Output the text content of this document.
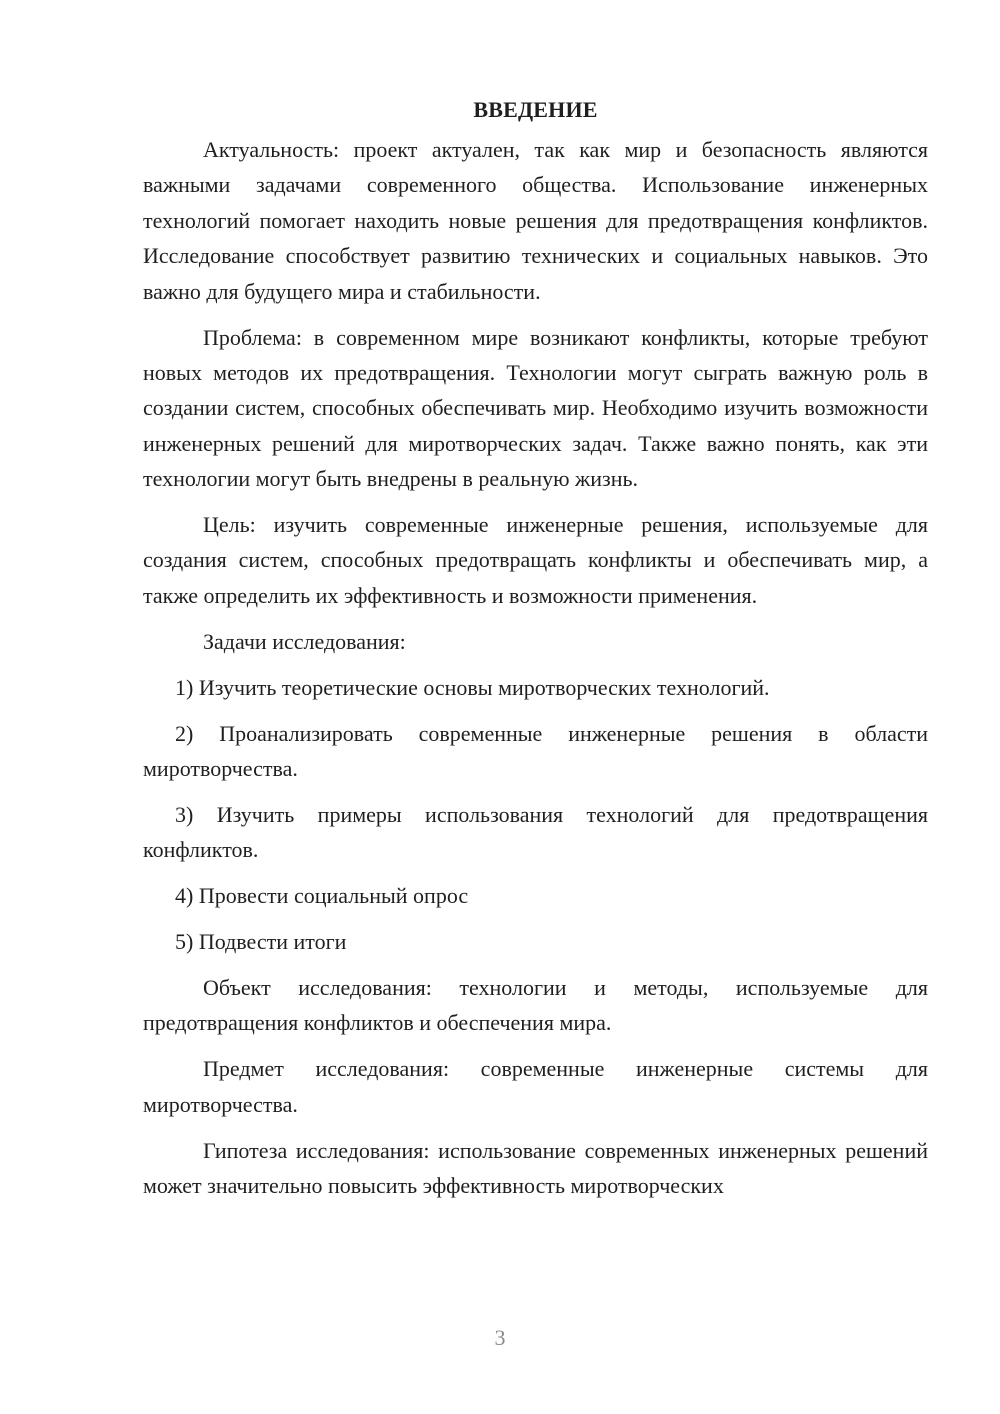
ВВЕДЕНИЕ

Актуальность: проект актуален, так как мир и безопасность являются важными задачами современного общества. Использование инженерных технологий помогает находить новые решения для предотвращения конфликтов. Исследование способствует развитию технических и социальных навыков. Это важно для будущего мира и стабильности.

Проблема: в современном мире возникают конфликты, которые требуют новых методов их предотвращения. Технологии могут сыграть важную роль в создании систем, способных обеспечивать мир. Необходимо изучить возможности инженерных решений для миротворческих задач. Также важно понять, как эти технологии могут быть внедрены в реальную жизнь.

Цель: изучить современные инженерные решения, используемые для создания систем, способных предотвращать конфликты и обеспечивать мир, а также определить их эффективность и возможности применения.

Задачи исследования:

1) Изучить теоретические основы миротворческих технологий.

2) Проанализировать современные инженерные решения в области миротворчества.

3) Изучить примеры использования технологий для предотвращения конфликтов.

4) Провести социальный опрос

5) Подвести итоги

Объект исследования: технологии и методы, используемые для предотвращения конфликтов и обеспечения мира.

Предмет исследования: современные инженерные системы для миротворчества.

Гипотеза исследования: использование современных инженерных решений может значительно повысить эффективность миротворческих

3
